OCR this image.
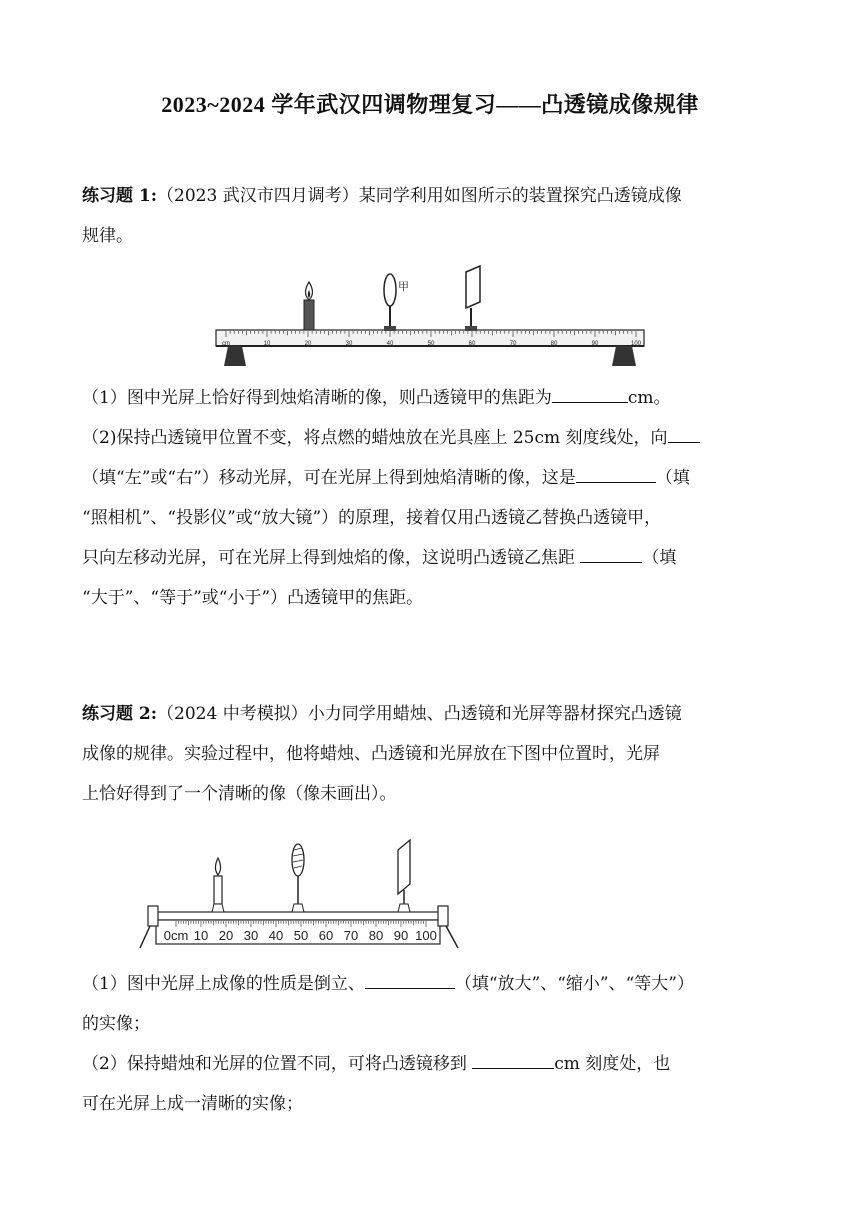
2023~2024 学年武汉四调物理复习——凸透镜成像规律
练习题 1:（2023 武汉市四月调考）某同学利用如图所示的装置探究凸透镜成像
规律。
cm	10	20	30	40	50	60	70	80	90	100
甲
（1）图中光屏上恰好得到烛焰清晰的像，则凸透镜甲的焦距为	cm。
（2)保持凸透镜甲位置不变，将点燃的蜡烛放在光具座上 25cm 刻度线处，向
（填“左”或“右”）移动光屏，可在光屏上得到烛焰清晰的像，这是	（填
“照相机”、“投影仪”或“放大镜”）的原理，接着仅用凸透镜乙替换凸透镜甲，
只向左移动光屏，可在光屏上得到烛焰的像，这说明凸透镜乙焦距	（填
“大于”、“等于”或“小于”）凸透镜甲的焦距。
练习题 2:（2024 中考模拟）小力同学用蜡烛、凸透镜和光屏等器材探究凸透镜
成像的规律。实验过程中，他将蜡烛、凸透镜和光屏放在下图中位置时，光屏
上恰好得到了一个清晰的像（像未画出）。
0cm 10 20 30 40 50 60 70 80 90 100
（1）图中光屏上成像的性质是倒立、	（填“放大”、“缩小”、“等大”）
的实像；
（2）保持蜡烛和光屏的位置不同，可将凸透镜移到	cm 刻度处，也
可在光屏上成一清晰的实像；
